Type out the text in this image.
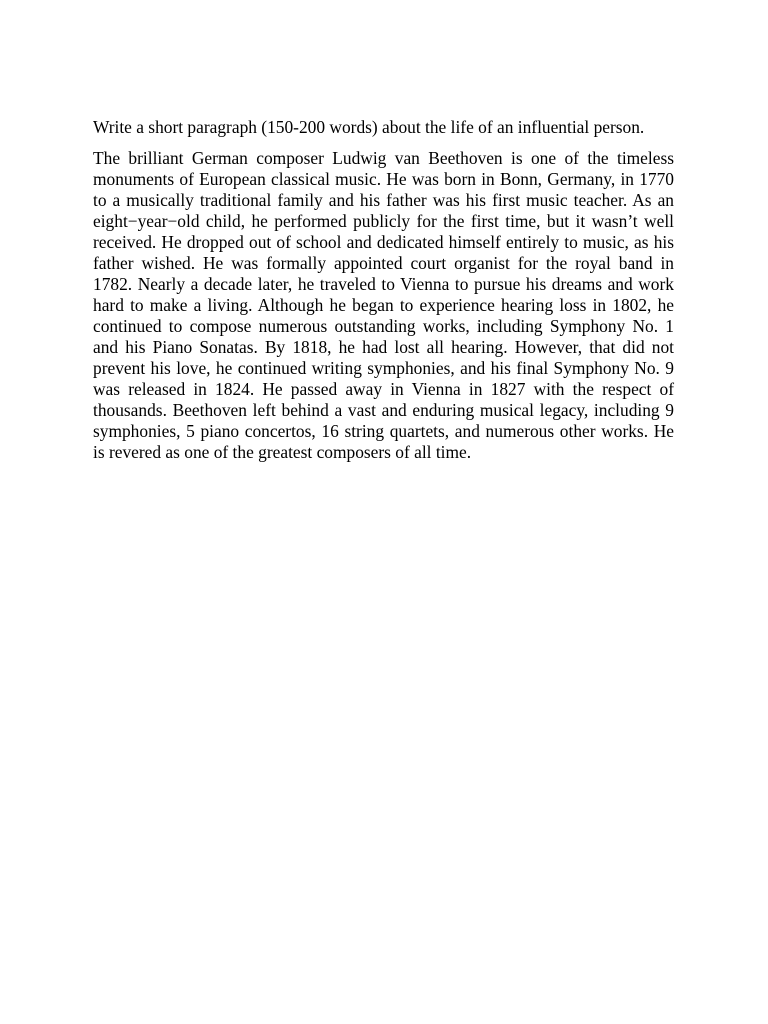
Write a short paragraph (150-200 words) about the life of an influential person.

The brilliant German composer Ludwig van Beethoven is one of the timeless monuments of European classical music. He was born in Bonn, Germany, in 1770 to a musically traditional family and his father was his first music teacher. As an eight−year−old child, he performed publicly for the first time, but it wasn’t well received. He dropped out of school and dedicated himself entirely to music, as his father wished. He was formally appointed court organist for the royal band in 1782. Nearly a decade later, he traveled to Vienna to pursue his dreams and work hard to make a living. Although he began to experience hearing loss in 1802, he continued to compose numerous outstanding works, including Symphony No. 1 and his Piano Sonatas. By 1818, he had lost all hearing. However, that did not prevent his love, he continued writing symphonies, and his final Symphony No. 9 was released in 1824. He passed away in Vienna in 1827 with the respect of thousands. Beethoven left behind a vast and enduring musical legacy, including 9 symphonies, 5 piano concertos, 16 string quartets, and numerous other works. He is revered as one of the greatest composers of all time.
